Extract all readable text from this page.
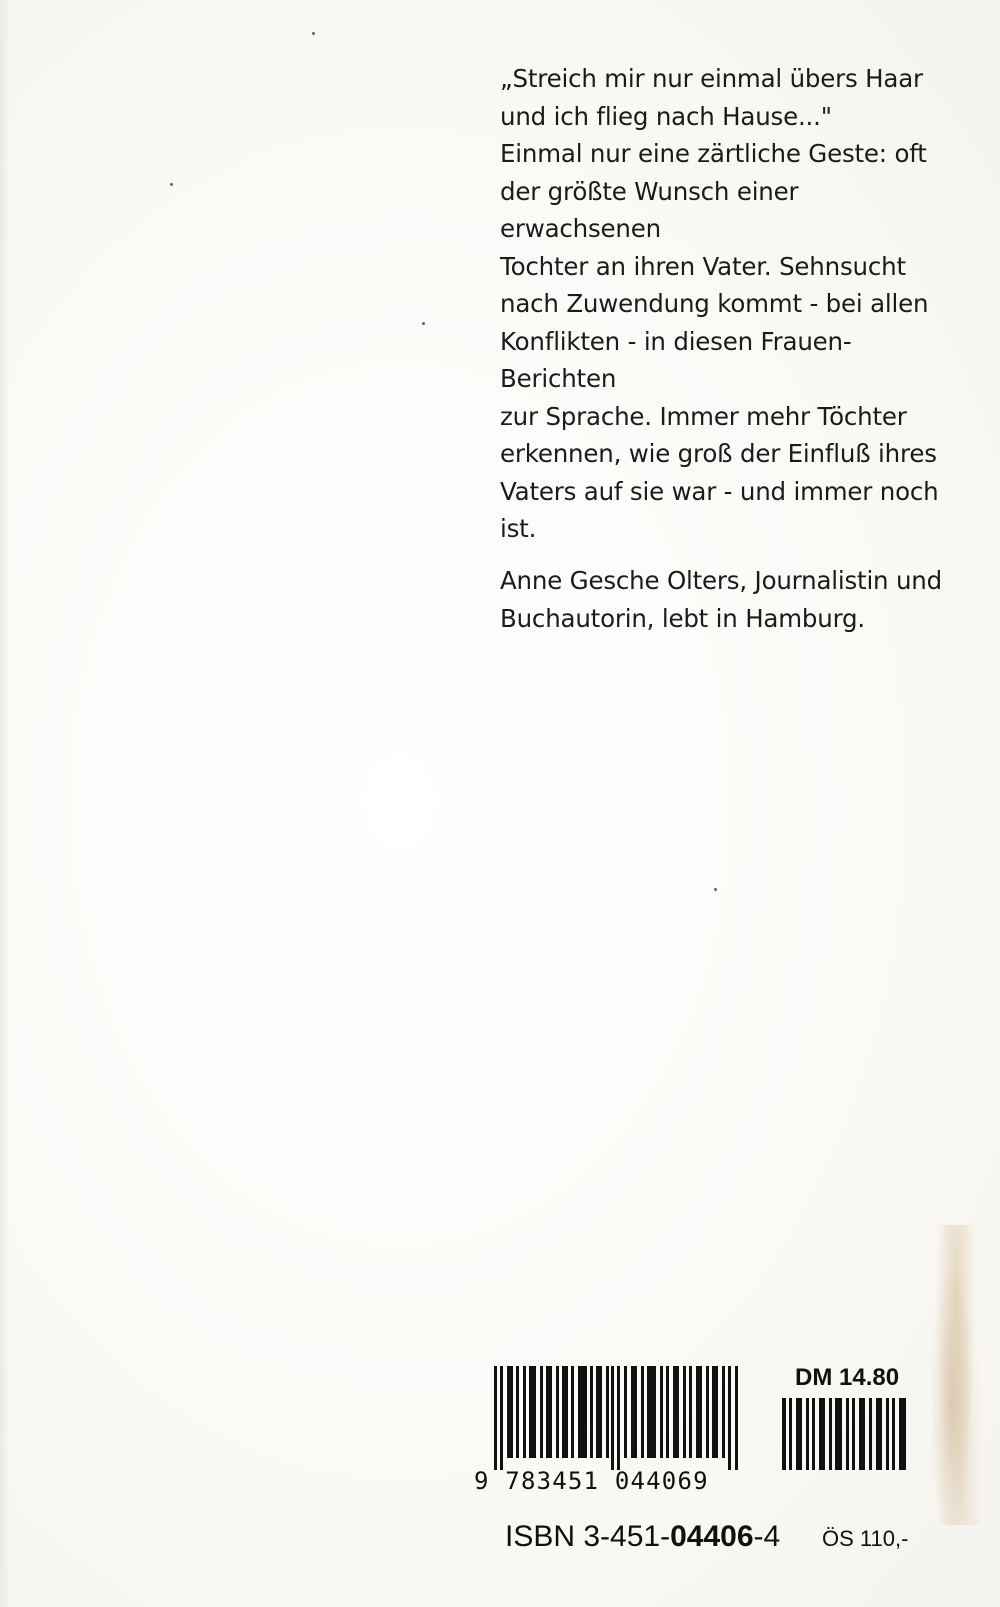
„Streich mir nur einmal übers Haar
und ich flieg nach Hause..."
Einmal nur eine zärtliche Geste: oft
der größte Wunsch einer erwachsenen
Tochter an ihren Vater. Sehnsucht
nach Zuwendung kommt - bei allen
Konflikten - in diesen Frauen-Berichten
zur Sprache. Immer mehr Töchter
erkennen, wie groß der Einfluß ihres
Vaters auf sie war - und immer noch
ist.

Anne Gesche Olters, Journalistin und
Buchautorin, lebt in Hamburg.

9 783451 044069
DM 14.80
ISBN 3-451-04406-4 ÖS 110,-
